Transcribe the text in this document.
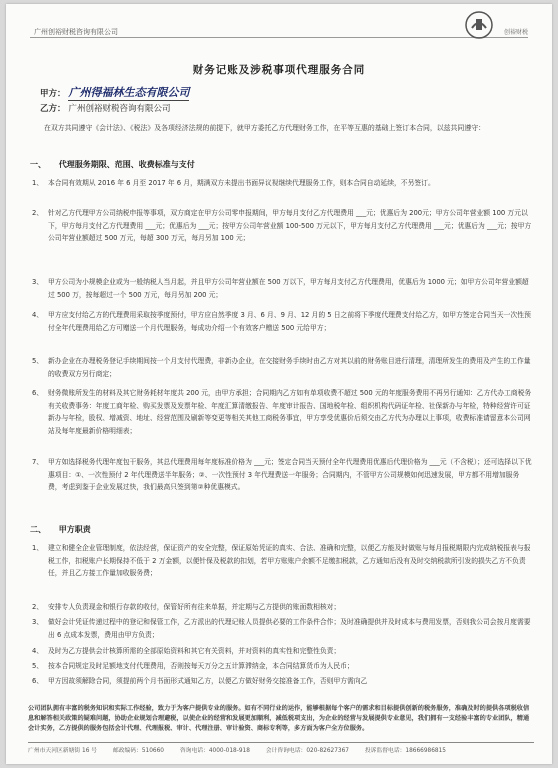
广州创裕财税咨询有限公司	创裕财税
财务记账及涉税事项代理服务合同
甲方： 广州得福林生态有限公司
乙方： 广州创裕财税咨询有限公司
在双方共同遵守《会计法》、《税法》及各项经济法规的前提下，就甲方委托乙方代理财务工作，在平等互惠的基础上签订本合同，以兹共同遵守：
一、 代理服务期限、范围、收费标准与支付
1、 本合同有效期从 2016 年 6 月至 2017 年 6 月，期满双方未提出书面异议视继续代理服务工作，则本合同自动延续，不另签订。
2、 针对乙方代理甲方公司纳税申报等事项，双方商定在甲方公司零申报期间，甲方每月支付乙方代理费用 ___元；优惠后为 200元；甲方公司年营业额 100 万元以下，甲方每月支付乙方代理费用 ___元；优惠后为 ___元；按甲方公司年营业额 100-500 万元以下，甲方每月支付乙方代理费用 ___元；优惠后为 ___元；按甲方公司年营业额超过 500 万元，每超 300 万元，每月另加 100 元；
3、 甲方公司为小规模企业或为一般纳税人当月起，并且甲方公司年营业额在 500 万以下，甲方每月支付乙方代理费用，优惠后为 1000 元；如甲方公司年营业额超过 500 万，按每超过一个 500 万元，每月另加 200 元；
4、 甲方应支付给乙方的代理费用采取按季度预付，甲方应自然季度 3 月、6 月、9 月、12 月的 5 日之前将下季度代理费支付给乙方，如甲方签定合同当天一次性预付全年代理费用给乙方可赠送一个月代理服务，每成功介绍一个有效客户赠送 500 元给甲方；
5、 新办企业在办理税务登记手续期间按一个月支付代理费，非新办企业，在交接财务手续时由乙方对其以前的财务账目进行清理，清理所发生的费用及产生的工作量的收费双方另行商定；
6、 财务微账所发生的材料及其它财务耗材年度共 200 元，由甲方承担；合同期内乙方如有单项收费不超过 500 元的年度服务费用不再另行通知：乙方代办工商税务有关收费事务：年度工商年检、购买发票及发票年检、年度汇算清缴报告、年度审计报告、国地税年检、组织机构代码证年检、社保新办与年检，特种经营许可证新办与年检，股权、增减资、地址、经营范围及刷新等变更等相关其他工商税务事宜，甲方享受优惠价后须交由乙方代为办理以上事项，收费标准请留意本公司网站及每年度最新价格明细表；
7、 甲方如选择税务代理年度包干服务，其总代理费用每年度标准价格为 ___元；签定合同当天预付全年代理费用优惠后代理价格为 ___元（不含税）；还可选择以下优惠项目：①、一次性预付 2 年代理费送半年服务；②、一次性预付 3 年代理费送一年服务；合同期内，不管甲方公司规模如何迅速发展，甲方都不用增加服务费，考虑到鉴于企业发展过快，我们最高只签到第②种优惠模式。
二、 甲方职责
1、 建立和健全企业管理制度，依法经营，保证资产的安全完整，保证原始凭证的真实、合法、准确和完整，以便乙方能及时做账与每月报税期限内完成纳税报表与报税工作，扣税账户长期保持不低于 2 万金额，以便针保及税款的扣划，若甲方账账户余额不足缴扣税款，乙方通知后没有及时交纳税款所引发的损失乙方不负责任，并且乙方接工作量加收服务费；
2、 安排专人负责现金和银行存款的收付，保管好所有往来单据，并定期与乙方提供的账面数相核对；
3、 做好会计凭证传递过程中的登记和保管工作，乙方派出的代理记账人员提供必要的工作条件合作；及时准确提供并及时成本与费用发票，否则我公司会按月度需要出 6 点成本发票，费用由甲方负责；
4、 及时为乙方提供会计核算所需的全部原始资料和其它有关资料，并对资料的真实性和完整性负责；
5、 按本合同规定及时足额地支付代理费用，否则按每天万分之五计算滞纳金，本合同结算货币为人民币；
6、 甲方因故须解除合同，须提前两个月书面形式通知乙方，以便乙方做好财务交接准备工作，否则甲方需向乙
公司团队拥有丰富的税务知识和实际工作经验，致力于为客户提供专业的服务。如有不同行业的运作，能够根据每个客户的需求和目标提供创新的税务服务，准确及时的提供各项税收信息和解答相关政策的疑难问题，协助企业规划合理避税，以使企业的经营和发展更加顺利，减低税项支出，为企业的经营与发展提供专业意见，我们拥有一支经验丰富的专业团队，精通会计实务，乙方提供的服务包括会计代理、代理报税、审计、代理注册、审计验资、商标专利等，多方面为客户全方位服务。
广州市天河区新塘街 16 号 邮政编码：510660	咨询电话：4000-018-918	会计咨询电话：020-82627367	投诉监督电话：18666986815
